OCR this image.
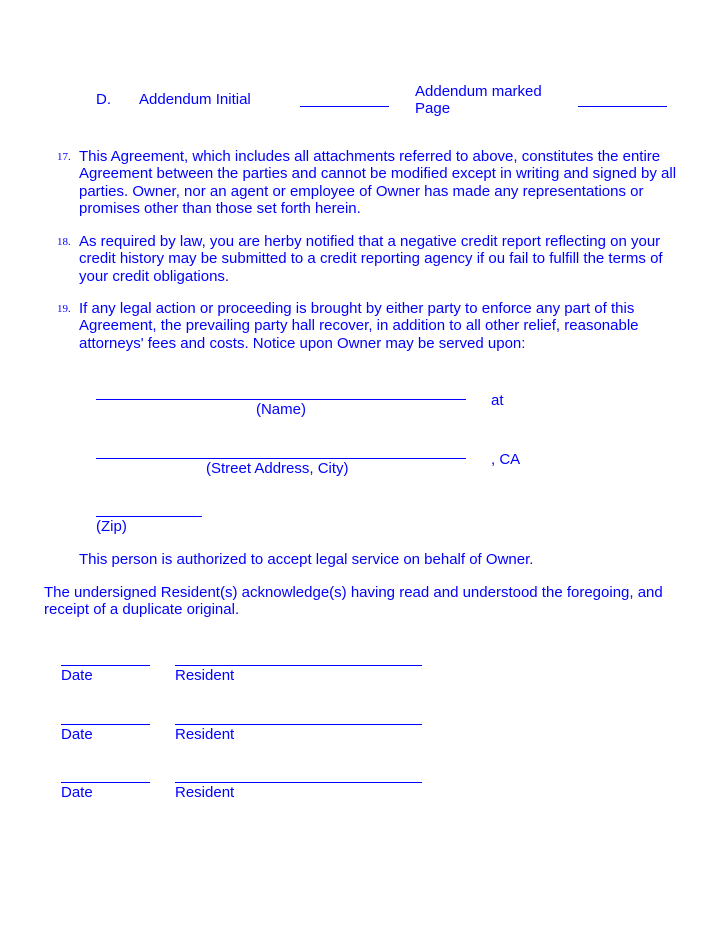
D. Addendum Initial	Addendum marked
Page
17. This Agreement, which includes all attachments referred to above, constitutes the entire Agreement between the parties and cannot be modified except in writing and signed by all parties. Owner, nor an agent or employee of Owner has made any representations or promises other than those set forth herein.
18. As required by law, you are herby notified that a negative credit report reflecting on your credit history may be submitted to a credit reporting agency if ou fail to fulfill the terms of your credit obligations.
19. If any legal action or proceeding is brought by either party to enforce any part of this Agreement, the prevailing party hall recover, in addition to all other relief, reasonable attorneys' fees and costs. Notice upon Owner may be served upon:
(Name)
at
(Street Address, City)
, CA
(Zip)
This person is authorized to accept legal service on behalf of Owner.
The undersigned Resident(s) acknowledge(s) having read and understood the foregoing, and receipt of a duplicate original.
Date	Resident
Date	Resident
Date	Resident
